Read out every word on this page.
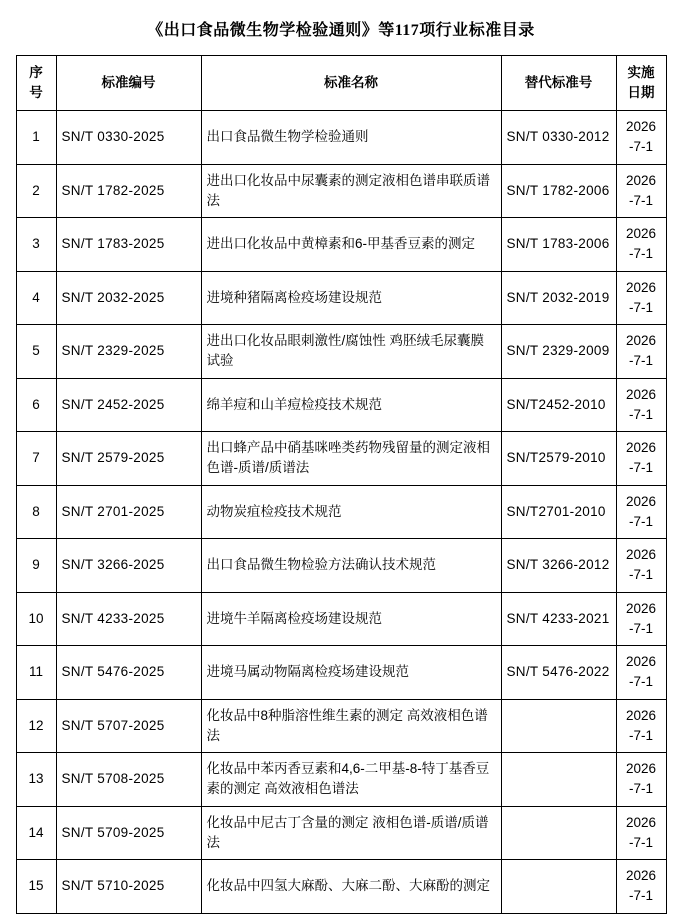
《出口食品微生物学检验通则》等117项行业标准目录
序
号	标准编号	标准名称	替代标准号	实施
日期

1	SN/T 0330-2025	出口食品微生物学检验通则	SN/T 0330-2012	2026
-7-1

2	SN/T 1782-2025	进出口化妆品中尿囊素的测定液相色谱串联质谱法	SN/T 1782-2006	2026
-7-1

3	SN/T 1783-2025	进出口化妆品中黄樟素和6-甲基香豆素的测定	SN/T 1783-2006	2026
-7-1

4	SN/T 2032-2025	进境种猪隔离检疫场建设规范	SN/T 2032-2019	2026
-7-1

5	SN/T 2329-2025	进出口化妆品眼刺激性/腐蚀性 鸡胚绒毛尿囊膜试验	SN/T 2329-2009	2026
-7-1

6	SN/T 2452-2025	绵羊痘和山羊痘检疫技术规范	SN/T2452-2010	2026
-7-1

7	SN/T 2579-2025	出口蜂产品中硝基咪唑类药物残留量的测定液相色谱-质谱/质谱法	SN/T2579-2010	2026
-7-1

8	SN/T 2701-2025	动物炭疽检疫技术规范	SN/T2701-2010	2026
-7-1

9	SN/T 3266-2025	出口食品微生物检验方法确认技术规范	SN/T 3266-2012	2026
-7-1

10	SN/T 4233-2025	进境牛羊隔离检疫场建设规范	SN/T 4233-2021	2026
-7-1

11	SN/T 5476-2025	进境马属动物隔离检疫场建设规范	SN/T 5476-2022	2026
-7-1

12	SN/T 5707-2025	化妆品中8种脂溶性维生素的测定 高效液相色谱法		2026
-7-1

13	SN/T 5708-2025	化妆品中苯丙香豆素和4,6-二甲基-8-特丁基香豆素的测定 高效液相色谱法		2026
-7-1

14	SN/T 5709-2025	化妆品中尼古丁含量的测定 液相色谱-质谱/质谱法		2026
-7-1

15	SN/T 5710-2025	化妆品中四氢大麻酚、大麻二酚、大麻酚的测定		2026
-7-1
